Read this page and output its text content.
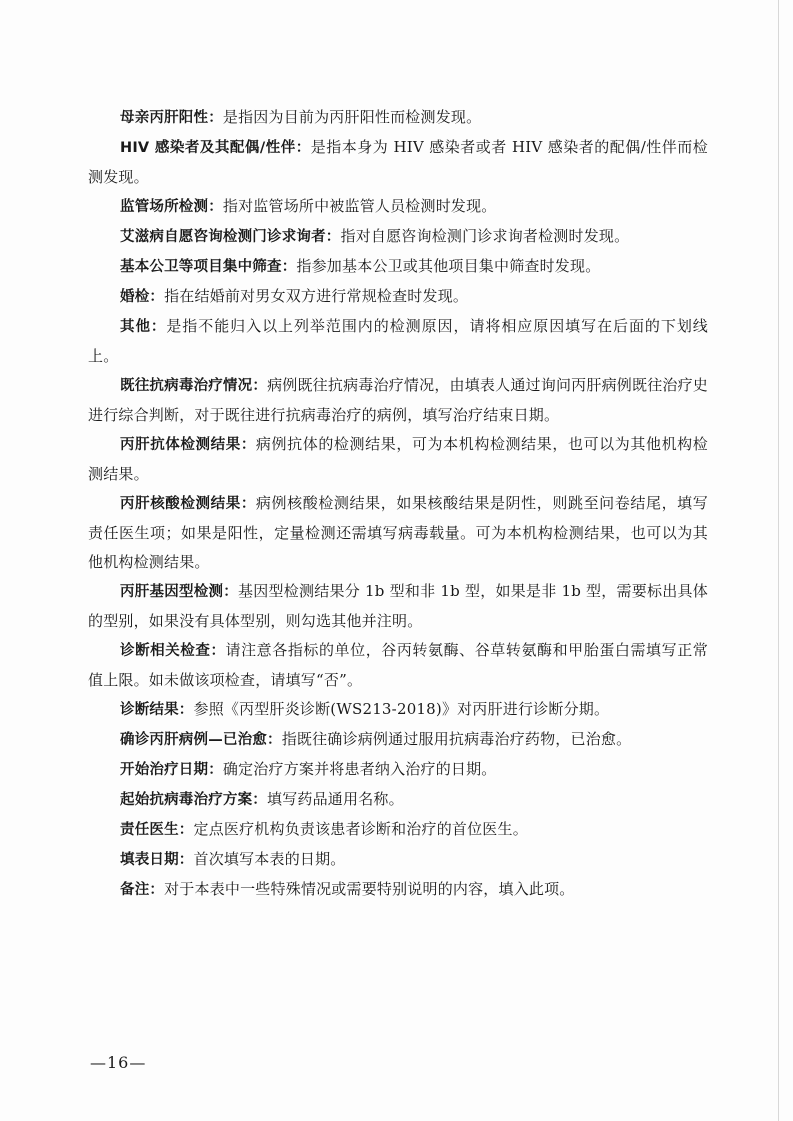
母亲丙肝阳性：是指因为目前为丙肝阳性而检测发现。

HIV 感染者及其配偶/性伴：是指本身为 HIV 感染者或者 HIV 感染者的配偶/性伴而检测发现。

监管场所检测：指对监管场所中被监管人员检测时发现。

艾滋病自愿咨询检测门诊求询者：指对自愿咨询检测门诊求询者检测时发现。

基本公卫等项目集中筛查：指参加基本公卫或其他项目集中筛查时发现。

婚检：指在结婚前对男女双方进行常规检查时发现。

其他：是指不能归入以上列举范围内的检测原因，请将相应原因填写在后面的下划线上。

既往抗病毒治疗情况：病例既往抗病毒治疗情况，由填表人通过询问丙肝病例既往治疗史进行综合判断，对于既往进行抗病毒治疗的病例，填写治疗结束日期。

丙肝抗体检测结果：病例抗体的检测结果，可为本机构检测结果，也可以为其他机构检测结果。

丙肝核酸检测结果：病例核酸检测结果，如果核酸结果是阴性，则跳至问卷结尾，填写责任医生项；如果是阳性，定量检测还需填写病毒载量。可为本机构检测结果，也可以为其他机构检测结果。

丙肝基因型检测：基因型检测结果分 1b 型和非 1b 型，如果是非 1b 型，需要标出具体的型别，如果没有具体型别，则勾选其他并注明。

诊断相关检查：请注意各指标的单位，谷丙转氨酶、谷草转氨酶和甲胎蛋白需填写正常值上限。如未做该项检查，请填写“否”。

诊断结果：参照《丙型肝炎诊断(WS213-2018)》对丙肝进行诊断分期。

确诊丙肝病例—已治愈：指既往确诊病例通过服用抗病毒治疗药物，已治愈。

开始治疗日期：确定治疗方案并将患者纳入治疗的日期。

起始抗病毒治疗方案：填写药品通用名称。

责任医生：定点医疗机构负责该患者诊断和治疗的首位医生。

填表日期：首次填写本表的日期。

备注：对于本表中一些特殊情况或需要特别说明的内容，填入此项。

—16—
